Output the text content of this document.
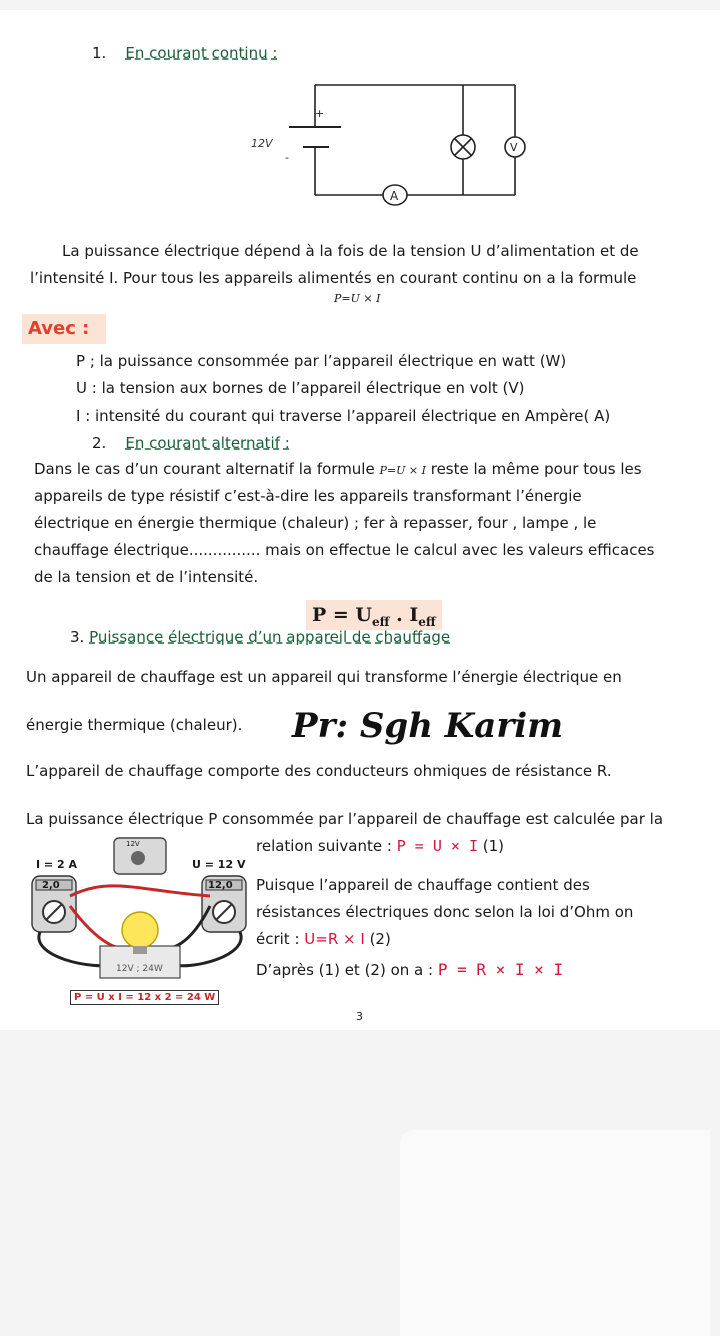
1. En courant continu :
+
-
12V	V
A
La puissance électrique dépend à la fois de la tension U d’alimentation et de
l’intensité I. Pour tous les appareils alimentés en courant continu on a la formule
P=U × I
Avec :
P ; la puissance consommée par l’appareil électrique en watt (W)
U : la tension aux bornes de l’appareil électrique en volt (V)
I : intensité du courant qui traverse l’appareil électrique en Ampère( A)
2. En courant alternatif :
Dans le cas d’un courant alternatif la formule P=U × I reste la même pour tous les
appareils de type résistif c’est-à-dire les appareils transformant l’énergie
électrique en énergie thermique (chaleur) ; fer à repasser, four , lampe , le
chauffage électrique............... mais on effectue le calcul avec les valeurs efficaces
de la tension et de l’intensité.
$P = U_{eff}$ . $I_{eff}$
3. Puissance électrique d’un appareil de chauffage
Un appareil de chauffage est un appareil qui transforme l’énergie électrique en
énergie thermique (chaleur). Pr: Sgh Karim
L’appareil de chauffage comporte des conducteurs ohmiques de résistance R.
La puissance électrique P consommée par l’appareil de chauffage est calculée par la
relation suivante : P = U × I (1)
Puisque l’appareil de chauffage contient des
résistances électriques donc selon la loi d’Ohm on
écrit : U=R × I (2)
D’après (1) et (2) on a : P = R × I × I
I = 2 A	U = 12 V
2,0	12,0
12V
12V ; 24W
P = U x I = 12 x 2 = 24 W
3
